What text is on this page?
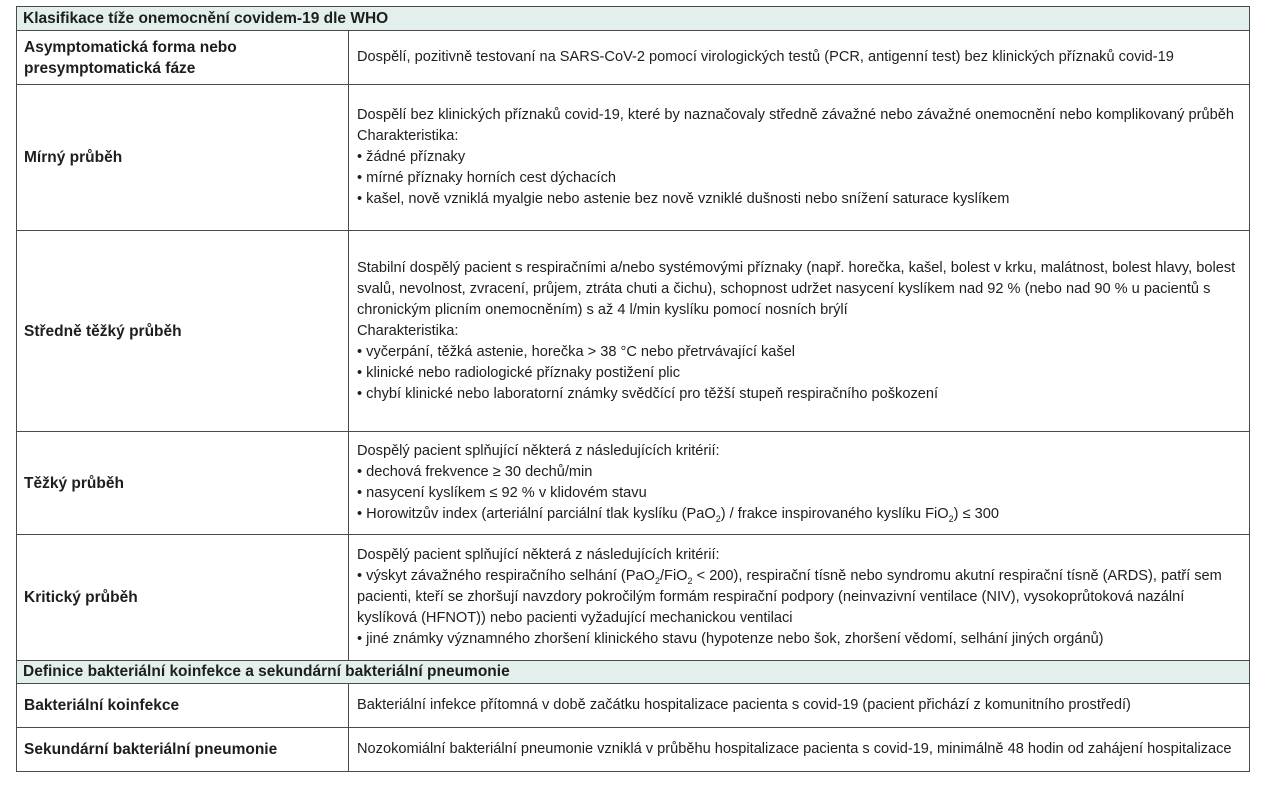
Klasifikace tíže onemocnění covidem-19 dle WHO	
Asymptomatická forma nebo presymptomatická fáze	Dospělí, pozitivně testovaní na SARS-CoV-2 pomocí virologických testů (PCR, antigenní test) bez klinických příznaků covid-19

Mírný průběh	Dospělí bez klinických příznaků covid-19, které by naznačovaly středně závažné nebo závažné onemocnění nebo komplikovaný průběh
Charakteristika:
• žádné příznaky
• mírné příznaky horních cest dýchacích
• kašel, nově vzniklá myalgie nebo astenie bez nově vzniklé dušnosti nebo snížení saturace kyslíkem

Středně těžký průběh	Stabilní dospělý pacient s respiračními a/nebo systémovými příznaky (např. horečka, kašel, bolest v krku, malátnost, bolest hlavy, bolest svalů, nevolnost, zvracení, průjem, ztráta chuti a čichu), schopnost udržet nasycení kyslíkem nad 92 % (nebo nad 90 % u pacientů s chronickým plicním onemocněním) s až 4 l/min kyslíku pomocí nosních brýlí
Charakteristika:
• vyčerpání, těžká astenie, horečka > 38 °C nebo přetrvávající kašel
• klinické nebo radiologické příznaky postižení plic
• chybí klinické nebo laboratorní známky svědčící pro těžší stupeň respiračního poškození

Těžký průběh	Dospělý pacient splňující některá z následujících kritérií:
• dechová frekvence ≥ 30 dechů/min
• nasycení kyslíkem ≤ 92 % v klidovém stavu
• Horowitzův index (arteriální parciální tlak kyslíku (PaO$_2$) / frakce inspirovaného kyslíku FiO$_2$) ≤ 300

Kritický průběh	Dospělý pacient splňující některá z následujících kritérií:
• výskyt závažného respiračního selhání (PaO$_2$/FiO$_2$ < 200), respirační tísně nebo syndromu akutní respirační tísně (ARDS), patří sem pacienti, kteří se zhoršují navzdory pokročilým formám respirační podpory (neinvazivní ventilace (NIV), vysokoprůtoková nazální kyslíková (HFNOT)) nebo pacienti vyžadující mechanickou ventilaci
• jiné známky významného zhoršení klinického stavu (hypotenze nebo šok, zhoršení vědomí, selhání jiných orgánů)

Definice bakteriální koinfekce a sekundární bakteriální pneumonie	
Bakteriální koinfekce	Bakteriální infekce přítomná v době začátku hospitalizace pacienta s covid-19 (pacient přichází z komunitního prostředí)

Sekundární bakteriální pneumonie	Nozokomiální bakteriální pneumonie vzniklá v průběhu hospitalizace pacienta s covid-19, minimálně 48 hodin od zahájení hospitalizace
